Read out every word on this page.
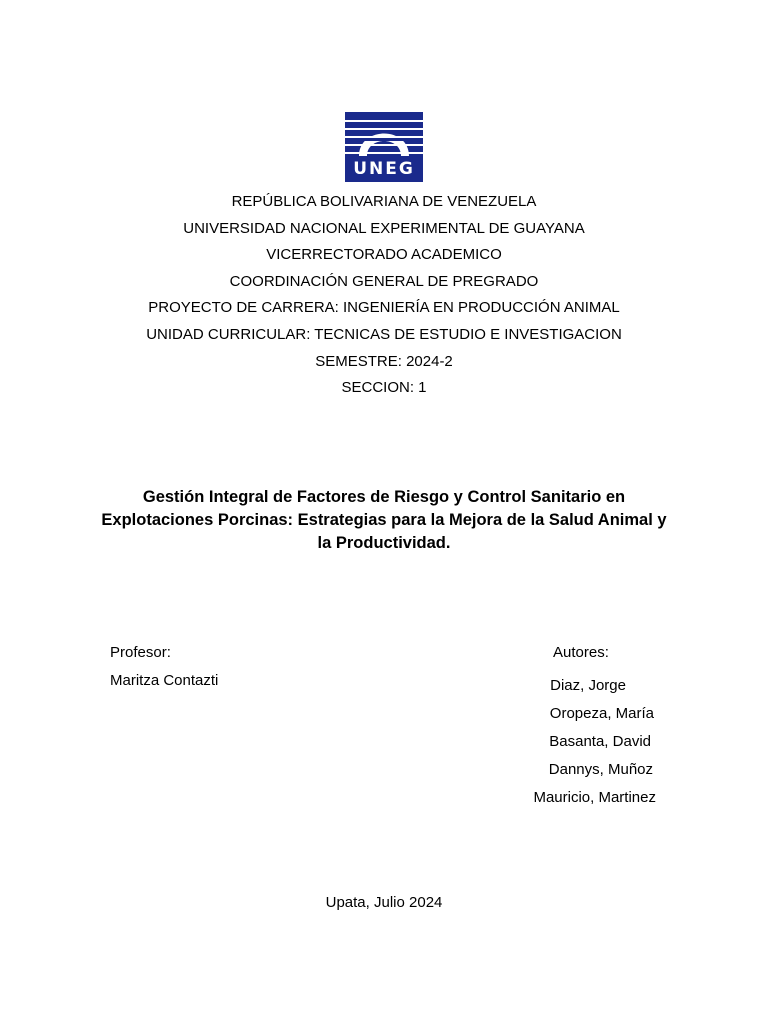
UNEG
REPÚBLICA BOLIVARIANA DE VENEZUELA
UNIVERSIDAD NACIONAL EXPERIMENTAL DE GUAYANA
VICERRECTORADO ACADEMICO
COORDINACIÓN GENERAL DE PREGRADO
PROYECTO DE CARRERA: INGENIERÍA EN PRODUCCIÓN ANIMAL
UNIDAD CURRICULAR: TECNICAS DE ESTUDIO E INVESTIGACION
SEMESTRE: 2024-2
SECCION: 1
Gestión Integral de Factores de Riesgo y Control Sanitario en Explotaciones Porcinas: Estrategias para la Mejora de la Salud Animal y la Productividad.
Profesor:
Maritza Contazti
Autores:
Diaz, Jorge
Oropeza, María
Basanta, David
Dannys, Muñoz
Mauricio, Martinez
Upata, Julio 2024
